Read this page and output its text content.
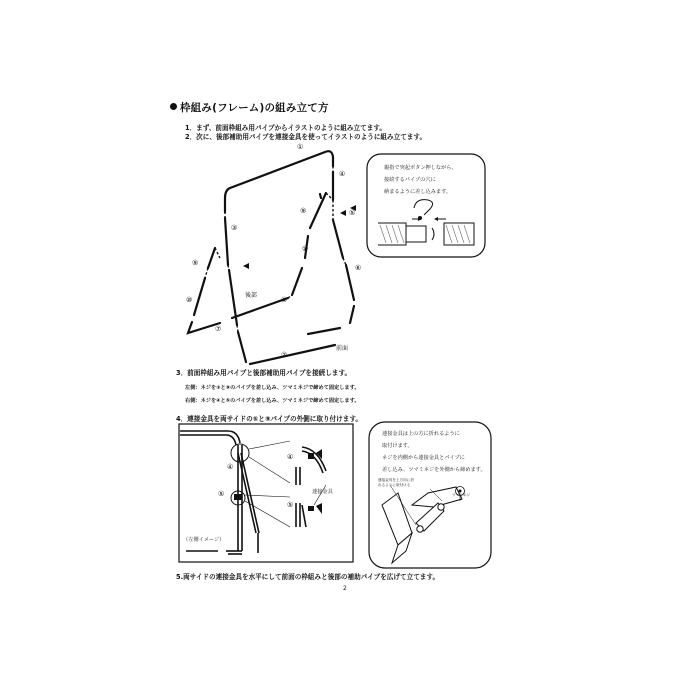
枠組み(フレーム)の組み立て方
1．まず、前面枠組み用パイプからイラストのように組み立てます。
2．次に、後部補助用パイプを連接金具を使ってイラストのように組み立てます。
①
②
③
④
⑤
⑥
⑦
⑧
⑨
⑩
⑨
⑩
後部
前面
親指で突起ボタン押しながら、
接続するパイプの穴に
納まるように差し込みます。
3．前面枠組み用パイプと後部補助用パイプを接続します。
左側：ネジを③と⑨のパイプを差し込み、ツマミネジで締めて固定します。
右側：ネジを④と⑤のパイプを差し込み、ツマミネジで締めて固定します。
4．連接金具を両サイドの⑤と⑨パイプの外側に取り付けます。
④
⑤
④
⑤
連接金具
（左側イメージ）
連接金具は上の方に折れるように
取付けます。
ネジを内側から連接金具とパイプに
差し込み、ツマミネジを外側から締めます。
連接金具を上方向に折
れるように取付ける
ツマミネジ
5.両サイドの連接金具を水平にして前面の枠組みと後部の補助パイプを広げて立てます。
2
